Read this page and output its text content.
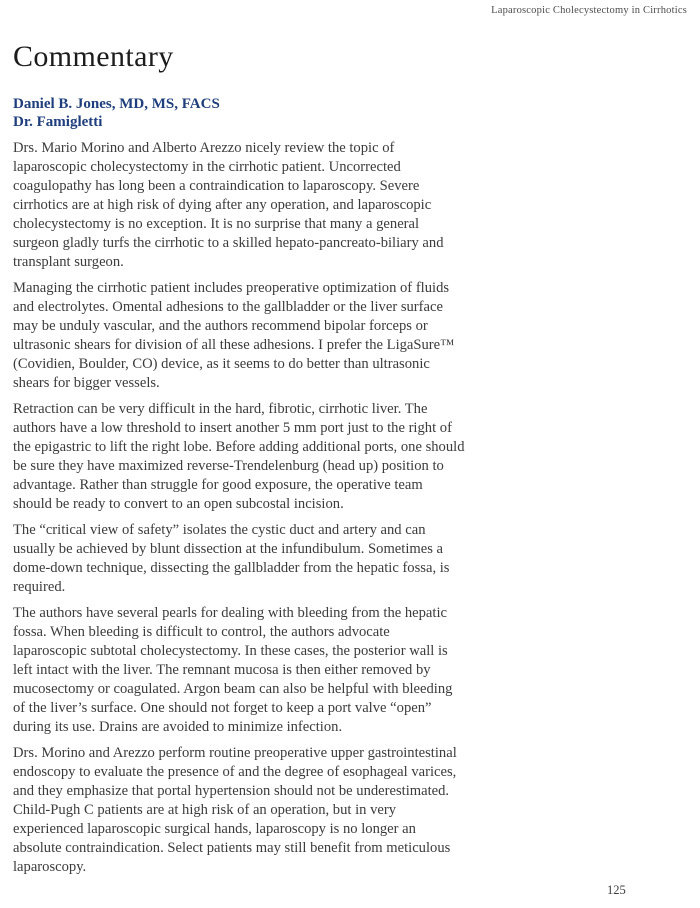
Laparoscopic Cholecystectomy in Cirrhotics
Commentary
Daniel B. Jones, MD, MS, FACS
Dr. Famigletti

Drs. Mario Morino and Alberto Arezzo nicely review the topic of laparoscopic cholecystectomy in the cirrhotic patient. Uncorrected coagulopathy has long been a contraindication to laparoscopy. Severe cirrhotics are at high risk of dying after any operation, and laparoscopic cholecystectomy is no exception. It is no surprise that many a general surgeon gladly turfs the cirrhotic to a skilled hepato-pancreato-biliary and transplant surgeon.

Managing the cirrhotic patient includes preoperative optimization of fluids and electrolytes. Omental adhesions to the gallbladder or the liver surface may be unduly vascular, and the authors recommend bipolar forceps or ultrasonic shears for division of all these adhesions. I prefer the LigaSure™ (Covidien, Boulder, CO) device, as it seems to do better than ultrasonic shears for bigger vessels.

Retraction can be very difficult in the hard, fibrotic, cirrhotic liver. The authors have a low threshold to insert another 5 mm port just to the right of the epigastric to lift the right lobe. Before adding additional ports, one should be sure they have maximized reverse-Trendelenburg (head up) position to advantage. Rather than struggle for good exposure, the operative team should be ready to convert to an open subcostal incision.

The “critical view of safety” isolates the cystic duct and artery and can usually be achieved by blunt dissection at the infundibulum. Sometimes a dome-down technique, dissecting the gallbladder from the hepatic fossa, is required.

The authors have several pearls for dealing with bleeding from the hepatic fossa. When bleeding is difficult to control, the authors advocate laparoscopic subtotal cholecystectomy. In these cases, the posterior wall is left intact with the liver. The remnant mucosa is then either removed by mucosectomy or coagulated. Argon beam can also be helpful with bleeding of the liver’s surface. One should not forget to keep a port valve “open” during its use. Drains are avoided to minimize infection.

Drs. Morino and Arezzo perform routine preoperative upper gastrointestinal endoscopy to evaluate the presence of and the degree of esophageal varices, and they emphasize that portal hypertension should not be underestimated. Child-Pugh C patients are at high risk of an operation, but in very experienced laparoscopic surgical hands, laparoscopy is no longer an absolute contraindication. Select patients may still benefit from meticulous laparoscopy.

125
